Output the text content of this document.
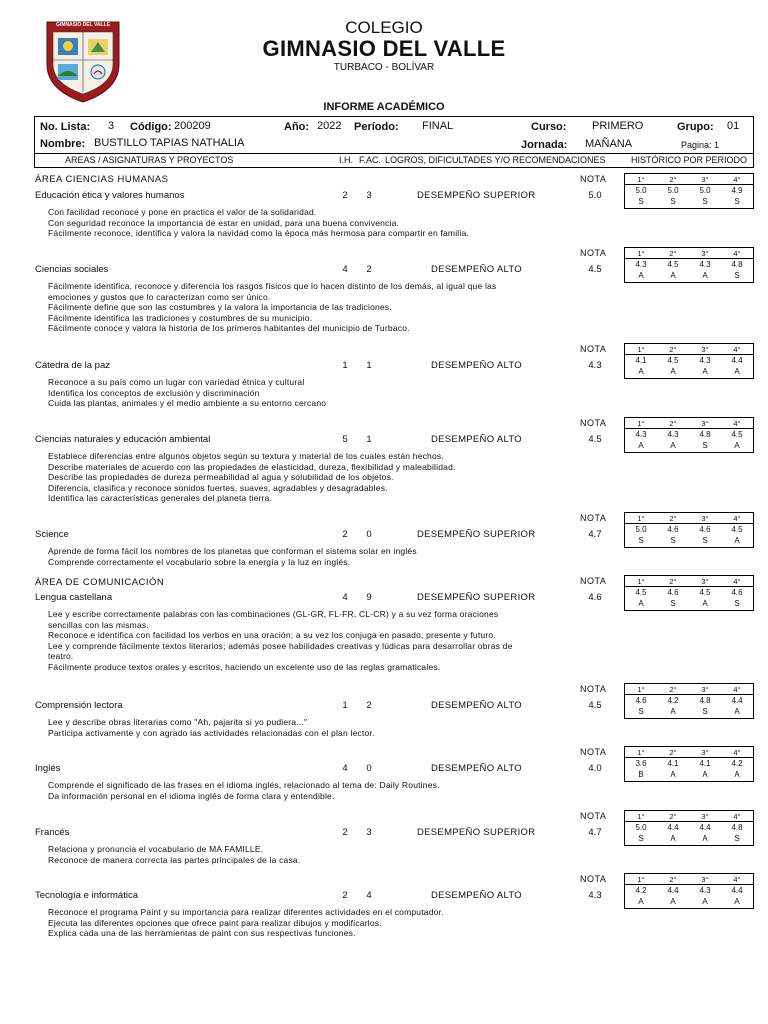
GIMNASIO DEL VALLE	COLEGIO
GIMNASIO DEL VALLE
TURBACO - BOLÍVAR
INFORME ACADÉMICO
No. Lista: 3 Código: 200209	Año: 2022 Período: FINAL	Curso: PRIMERO	Grupo: 01
Nombre: BUSTILLO TAPIAS NATHALIA	Jornada: MAÑANA	Pagina: 1
AREAS / ASIGNATURAS Y PROYECTOS	I.H. F.AC. LOGROS, DIFICULTADES Y/O RECOMENDACIONES	HISTÓRICO POR PERIODO
ÁREA CIENCIAS HUMANAS
ÁREA DE COMUNICACIÓN
NOTA
Educación ética y valores humanos	2	3	DESEMPEÑO SUPERIOR	5.0
Con facilidad reconoce y pone en practica el valor de la solidaridad.
Con seguridad reconoce la importancia de estar en unidad, para una buena convivencia.
Fácilmente reconoce, identifica y valora la navidad como la época más hermosa para compartir en familia.
1°	2°	3°	4°
5.0	5.0	5.0	4.9
S	S	S	S
NOTA
Ciencias sociales	4	2	DESEMPEÑO ALTO	4.5
Fácilmente identifica, reconoce y diferencia los rasgos físicos que lo hacen distinto de los demás, al igual que las
emociones y gustos que lo caracterizan como ser único.
Fácilmente define que son las costumbres y la valora la importancia de las tradiciones.
Fácilmente identifica las tradiciones y costumbres de su municipio.
Fácilmente conoce y valora la historia de los primeros habitantes del municipio de Turbaco.
1°	2°	3°	4°
4.3	4.5	4.3	4.8
A	A	A	S
NOTA
Cátedra de la paz	1	1	DESEMPEÑO ALTO	4.3
Reconoce a su país como un lugar con variedad étnica y cultural
Identifica los conceptos de exclusión y discriminación
Cuida las plantas, animales y el medio ambiente a su entorno cercano
1°	2°	3°	4°
4.1	4.5	4.3	4.4
A	A	A	A
NOTA
Ciencias naturales y educación ambiental	5	1	DESEMPEÑO ALTO	4.5
Establece diferencias entre algunos objetos según su textura y material de los cuales están hechos.
Describe materiales de acuerdo con las propiedades de elasticidad, dureza, flexibilidad y maleabilidad.
Describe las propiedades de dureza permeabilidad al agua y solubilidad de los objetos.
Diferencia, clasifica y reconoce sonidos fuertes, suaves, agradables y desagradables.
Identifica las características generales del planeta tierra.
1°	2°	3°	4°
4.3	4.3	4.8	4.5
A	A	S	A
NOTA
Science	2	0	DESEMPEÑO SUPERIOR	4.7
Aprende de forma fácil los nombres de los planetas que conforman el sistema solar en inglés
Comprende correctamente el vocabulario sobre la energía y la luz en inglés.
1°	2°	3°	4°
5.0	4.6	4.6	4.5
S	S	S	A
NOTA
Lengua castellana	4	9	DESEMPEÑO SUPERIOR	4.6
Lee y escribe correctamente palabras con las combinaciones (GL-GR, FL-FR, CL-CR) y a su vez forma oraciones
sencillas con las mismas.
Reconoce e identifica con facilidad los verbos en una oración; a su vez los conjuga en pasado, presente y futuro.
Lee y comprende fácilmente textos literarios; además posee habilidades creativas y lúdicas para desarrollar obras de
teatro.
Fácilmente produce textos orales y escritos, haciendo un excelente uso de las reglas gramaticales.
1°	2°	3°	4°
4.5	4.6	4.5	4.6
A	S	A	S
NOTA
Comprensión lectora	1	2	DESEMPEÑO ALTO	4.5
Lee y describe obras literarias como "Ah, pajarita si yo pudiera..."
Participa activamente y con agrado las actividades relacionadas con el plan lector.
1°	2°	3°	4°
4.6	4.2	4.8	4.4
S	A	S	A
NOTA
Inglés	4	0	DESEMPEÑO ALTO	4.0
Comprende el significado de las frases en el idioma inglés, relacionado al tema de: Daily Routines.
Da información personal en el idioma inglés de forma clara y entendible.
1°	2°	3°	4°
3.6	4.1	4.1	4.2
B	A	A	A
NOTA
Francés	2	3	DESEMPEÑO SUPERIOR	4.7
Relaciona y pronuncia el vocabulario de MA FAMILLE.
Reconoce de manera correcta las partes principales de la casa.
1°	2°	3°	4°
5.0	4.4	4.4	4.8
S	A	A	S
NOTA
Tecnología e informática	2	4	DESEMPEÑO ALTO	4.3
Reconoce el programa Paint y su importancia para realizar diferentes actividades en el computador.
Ejecuta las diferentes opciones que ofrece paint para realizar dibujos y modificarlos.
Explica cada una de las herramientas de paint con sus respectivas funciones.
1°	2°	3°	4°
4.2	4.4	4.3	4.4
A	A	A	A
